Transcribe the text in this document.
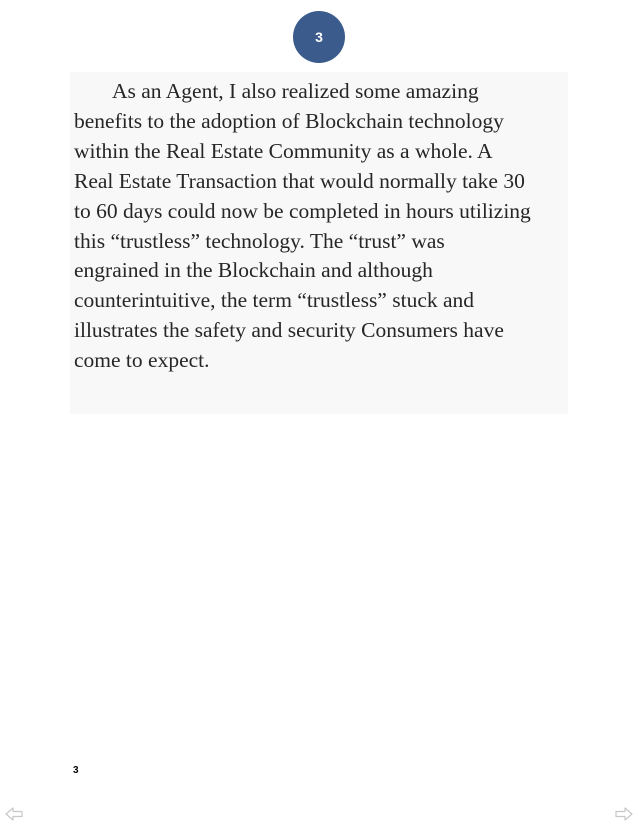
3

As an Agent, I also realized some amazing
benefits to the adoption of Blockchain technology
within the Real Estate Community as a whole. A
Real Estate Transaction that would normally take 30
to 60 days could now be completed in hours utilizing
this “trustless” technology. The “trust” was
engrained in the Blockchain and although
counterintuitive, the term “trustless” stuck and
illustrates the safety and security Consumers have
come to expect.

3
